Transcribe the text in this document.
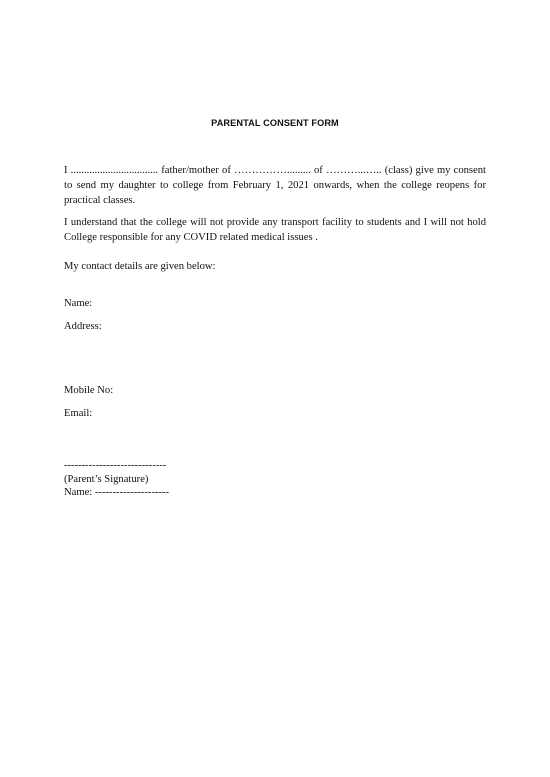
PARENTAL CONSENT FORM
I ................................. father/mother of ……………......... of ………...….. (class) give my consent to send my daughter to college from February 1, 2021 onwards, when the college reopens for practical classes.
I understand that the college will not provide any transport facility to students and I will not hold College responsible for any COVID related medical issues .
My contact details are given below:
Name:
Address:
Mobile No:
Email:
-----------------------------
(Parent’s Signature)
Name: ---------------------
